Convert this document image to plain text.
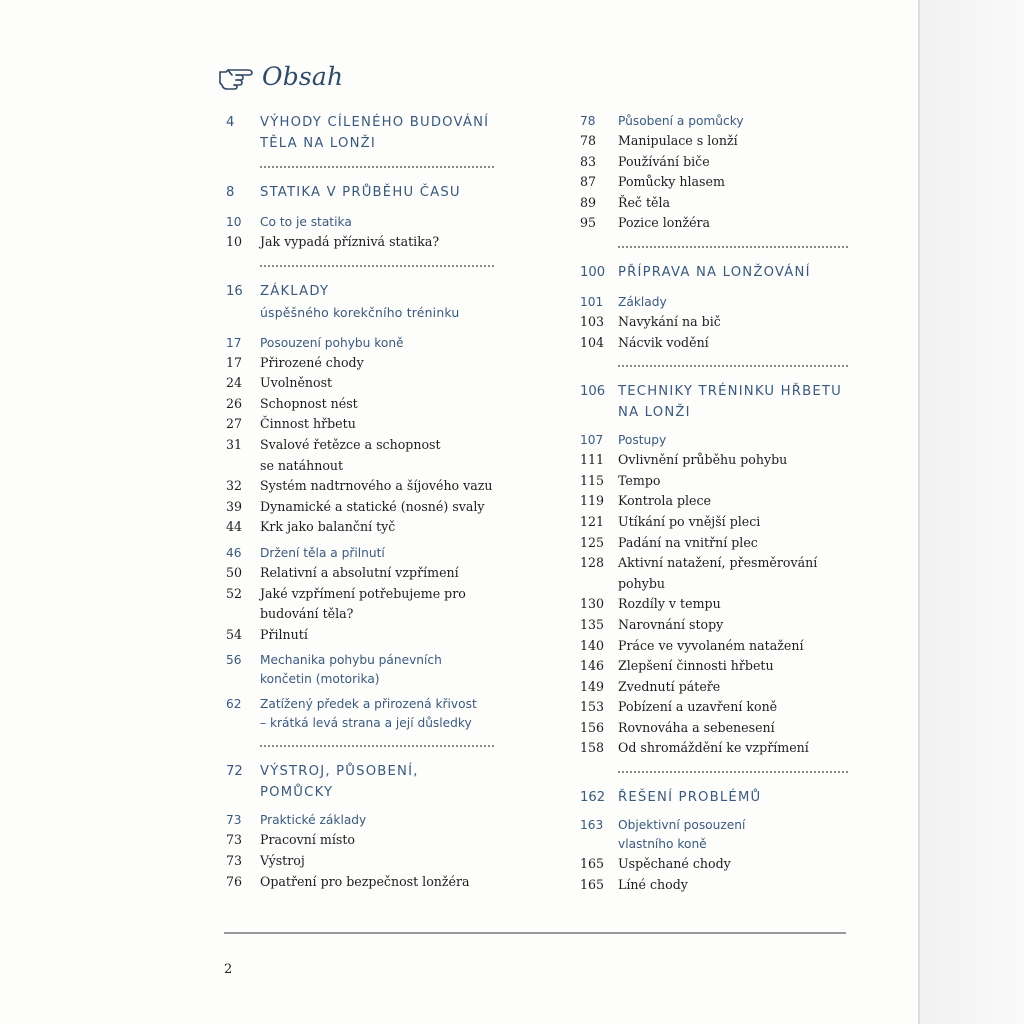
Obsah
4	VÝHODY CÍLENÉHO BUDOVÁNÍ
TĚLA NA LONŽI
8	STATIKA V PRŮBĚHU ČASU
10	Co to je statika
10	Jak vypadá příznivá statika?
16	ZÁKLADY
úspěšného korekčního tréninku
17	Posouzení pohybu koně
17	Přirozené chody
24	Uvolněnost
26	Schopnost nést
27	Činnost hřbetu
31	Svalové řetězce a schopnost
se natáhnout
32	Systém nadtrnového a šíjového vazu
39	Dynamické a statické (nosné) svaly
44	Krk jako balanční tyč
46	Držení těla a přilnutí
50	Relativní a absolutní vzpřímení
52	Jaké vzpřímení potřebujeme pro
budování těla?
54	Přilnutí
56	Mechanika pohybu pánevních
končetin (motorika)
62	Zatížený předek a přirozená křivost
– krátká levá strana a její důsledky
72	VÝSTROJ, PŮSOBENÍ,
POMŮCKY
73	Praktické základy
73	Pracovní místo
73	Výstroj
76	Opatření pro bezpečnost lonžéra
78	Působení a pomůcky
78	Manipulace s lonží
83	Používání biče
87	Pomůcky hlasem
89	Řeč těla
95	Pozice lonžéra
100 PŘÍPRAVA NA LONŽOVÁNÍ
101	Základy
103	Navykání na bič
104	Nácvik vodění
106 TECHNIKY TRÉNINKU HŘBETU
NA LONŽI
107	Postupy
111	Ovlivnění průběhu pohybu
115	Tempo
119	Kontrola plece
121	Utíkání po vnější pleci
125	Padání na vnitřní plec
128	Aktivní natažení, přesměrování pohybu
130	Rozdíly v tempu
135	Narovnání stopy
140	Práce ve vyvolaném natažení
146	Zlepšení činnosti hřbetu
149	Zvednutí páteře
153	Pobízení a uzavření koně
156	Rovnováha a sebenesení
158	Od shromáždění ke vzpřímení
162 ŘEŠENÍ PROBLÉMŮ
163	Objektivní posouzení
vlastního koně
165	Uspěchané chody
165	Líné chody
2
